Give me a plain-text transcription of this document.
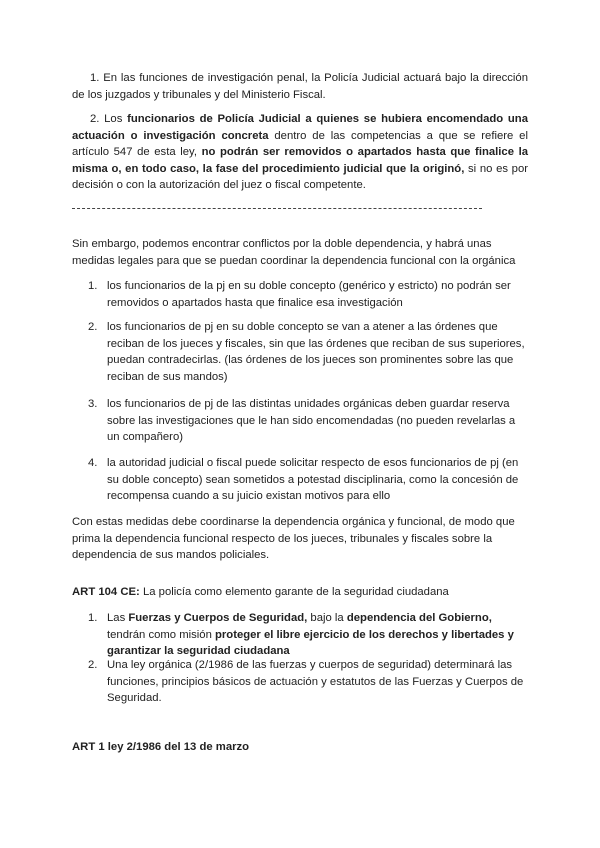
1. En las funciones de investigación penal, la Policía Judicial actuará bajo la dirección de los juzgados y tribunales y del Ministerio Fiscal.

2. Los funcionarios de Policía Judicial a quienes se hubiera encomendado una actuación o investigación concreta dentro de las competencias a que se refiere el artículo 547 de esta ley, no podrán ser removidos o apartados hasta que finalice la misma o, en todo caso, la fase del procedimiento judicial que la originó, si no es por decisión o con la autorización del juez o fiscal competente.

Sin embargo, podemos encontrar conflictos por la doble dependencia, y habrá unas medidas legales para que se puedan coordinar la dependencia funcional con la orgánica

1. los funcionarios de la pj en su doble concepto (genérico y estricto) no podrán ser removidos o apartados hasta que finalice esa investigación
2. los funcionarios de pj en su doble concepto se van a atener a las órdenes que reciban de los jueces y fiscales, sin que las órdenes que reciban de sus superiores, puedan contradecirlas. (las órdenes de los jueces son prominentes sobre las que reciban de sus mandos)
3. los funcionarios de pj de las distintas unidades orgánicas deben guardar reserva sobre las investigaciones que le han sido encomendadas (no pueden revelarlas a un compañero)
4. la autoridad judicial o fiscal puede solicitar respecto de esos funcionarios de pj (en su doble concepto) sean sometidos a potestad disciplinaria, como la concesión de recompensa cuando a su juicio existan motivos para ello

Con estas medidas debe coordinarse la dependencia orgánica y funcional, de modo que prima la dependencia funcional respecto de los jueces, tribunales y fiscales sobre la dependencia de sus mandos policiales.

ART 104 CE: La policía como elemento garante de la seguridad ciudadana

1. Las Fuerzas y Cuerpos de Seguridad, bajo la dependencia del Gobierno, tendrán como misión proteger el libre ejercicio de los derechos y libertades y garantizar la seguridad ciudadana
2. Una ley orgánica (2/1986 de las fuerzas y cuerpos de seguridad) determinará las funciones, principios básicos de actuación y estatutos de las Fuerzas y Cuerpos de Seguridad.

ART 1 ley 2/1986 del 13 de marzo
